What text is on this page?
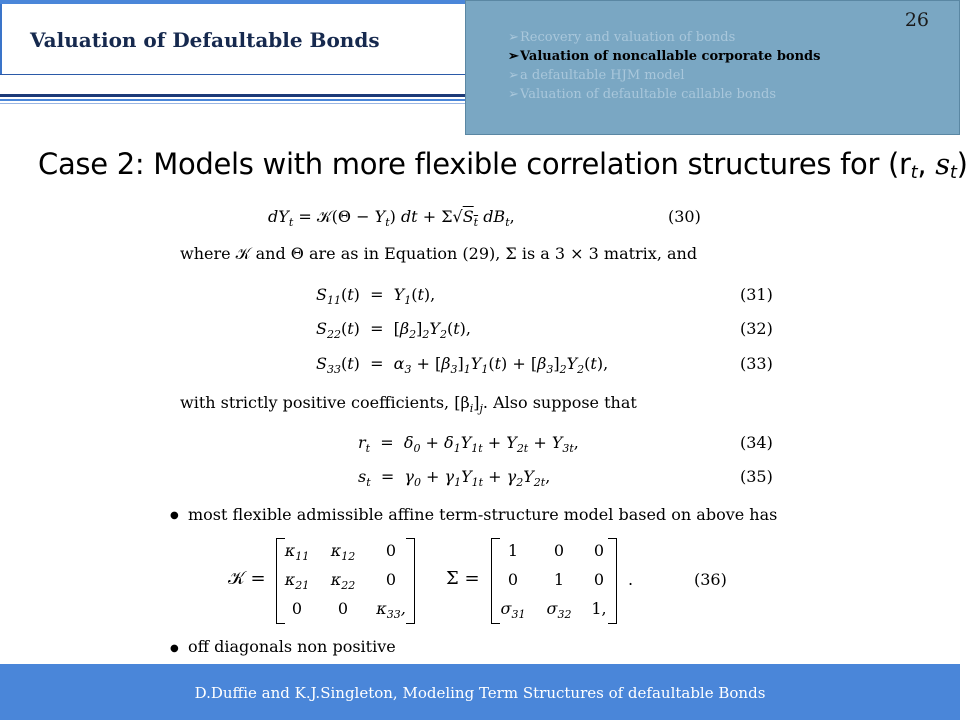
Valuation of Defaultable Bonds
26
➢Recovery and valuation of bonds
➢Valuation of noncallable corporate bonds
➢a defaultable HJM model
➢Valuation of defaultable callable bonds
Case 2: Models with more flexible correlation structures for ($r_t$, $s_t$)
$dY_t$ = 𝒦(Θ − $Y_t$) dt + $\Sigma√S_t$ $dB_t$,	(30)
where 𝒦 and Θ are as in Equation (29), Σ is a 3 × 3 matrix, and
$S_{11}(t) = Y_1(t)$,	(31)
$S_{22}(t) = [\beta_2]_2Y_2(t)$,	(32)
$S_{33}(t) = \alpha_3 + [\beta_3]_1Y_1(t) + [\beta_3]_2Y_2(t)$,	(33)
with strictly positive coefficients, $[\beta_i]_j$. Also suppose that
$r_t = \delta_0 + \delta_1Y_{1t} + Y_{2t} + Y_{3t}$,	(34)
$s_t = \gamma_0 + \gamma_1Y_{1t} + \gamma_2Y_{2t}$,	(35)
● most flexible admissible affine term-structure model based on above has
𝒦 =
$\kappa_{11}$	$\kappa_{12}$	0
$\kappa_{21}$	$\kappa_{22}$	0
0	0	$\kappa_{33}$,
Σ =
1	0	0
0	1	0
$\sigma_{31}$	$\sigma_{32}$	1,
.	(36)
● off diagonals non positive
D.Duffie and K.J.Singleton, Modeling Term Structures of defaultable Bonds
